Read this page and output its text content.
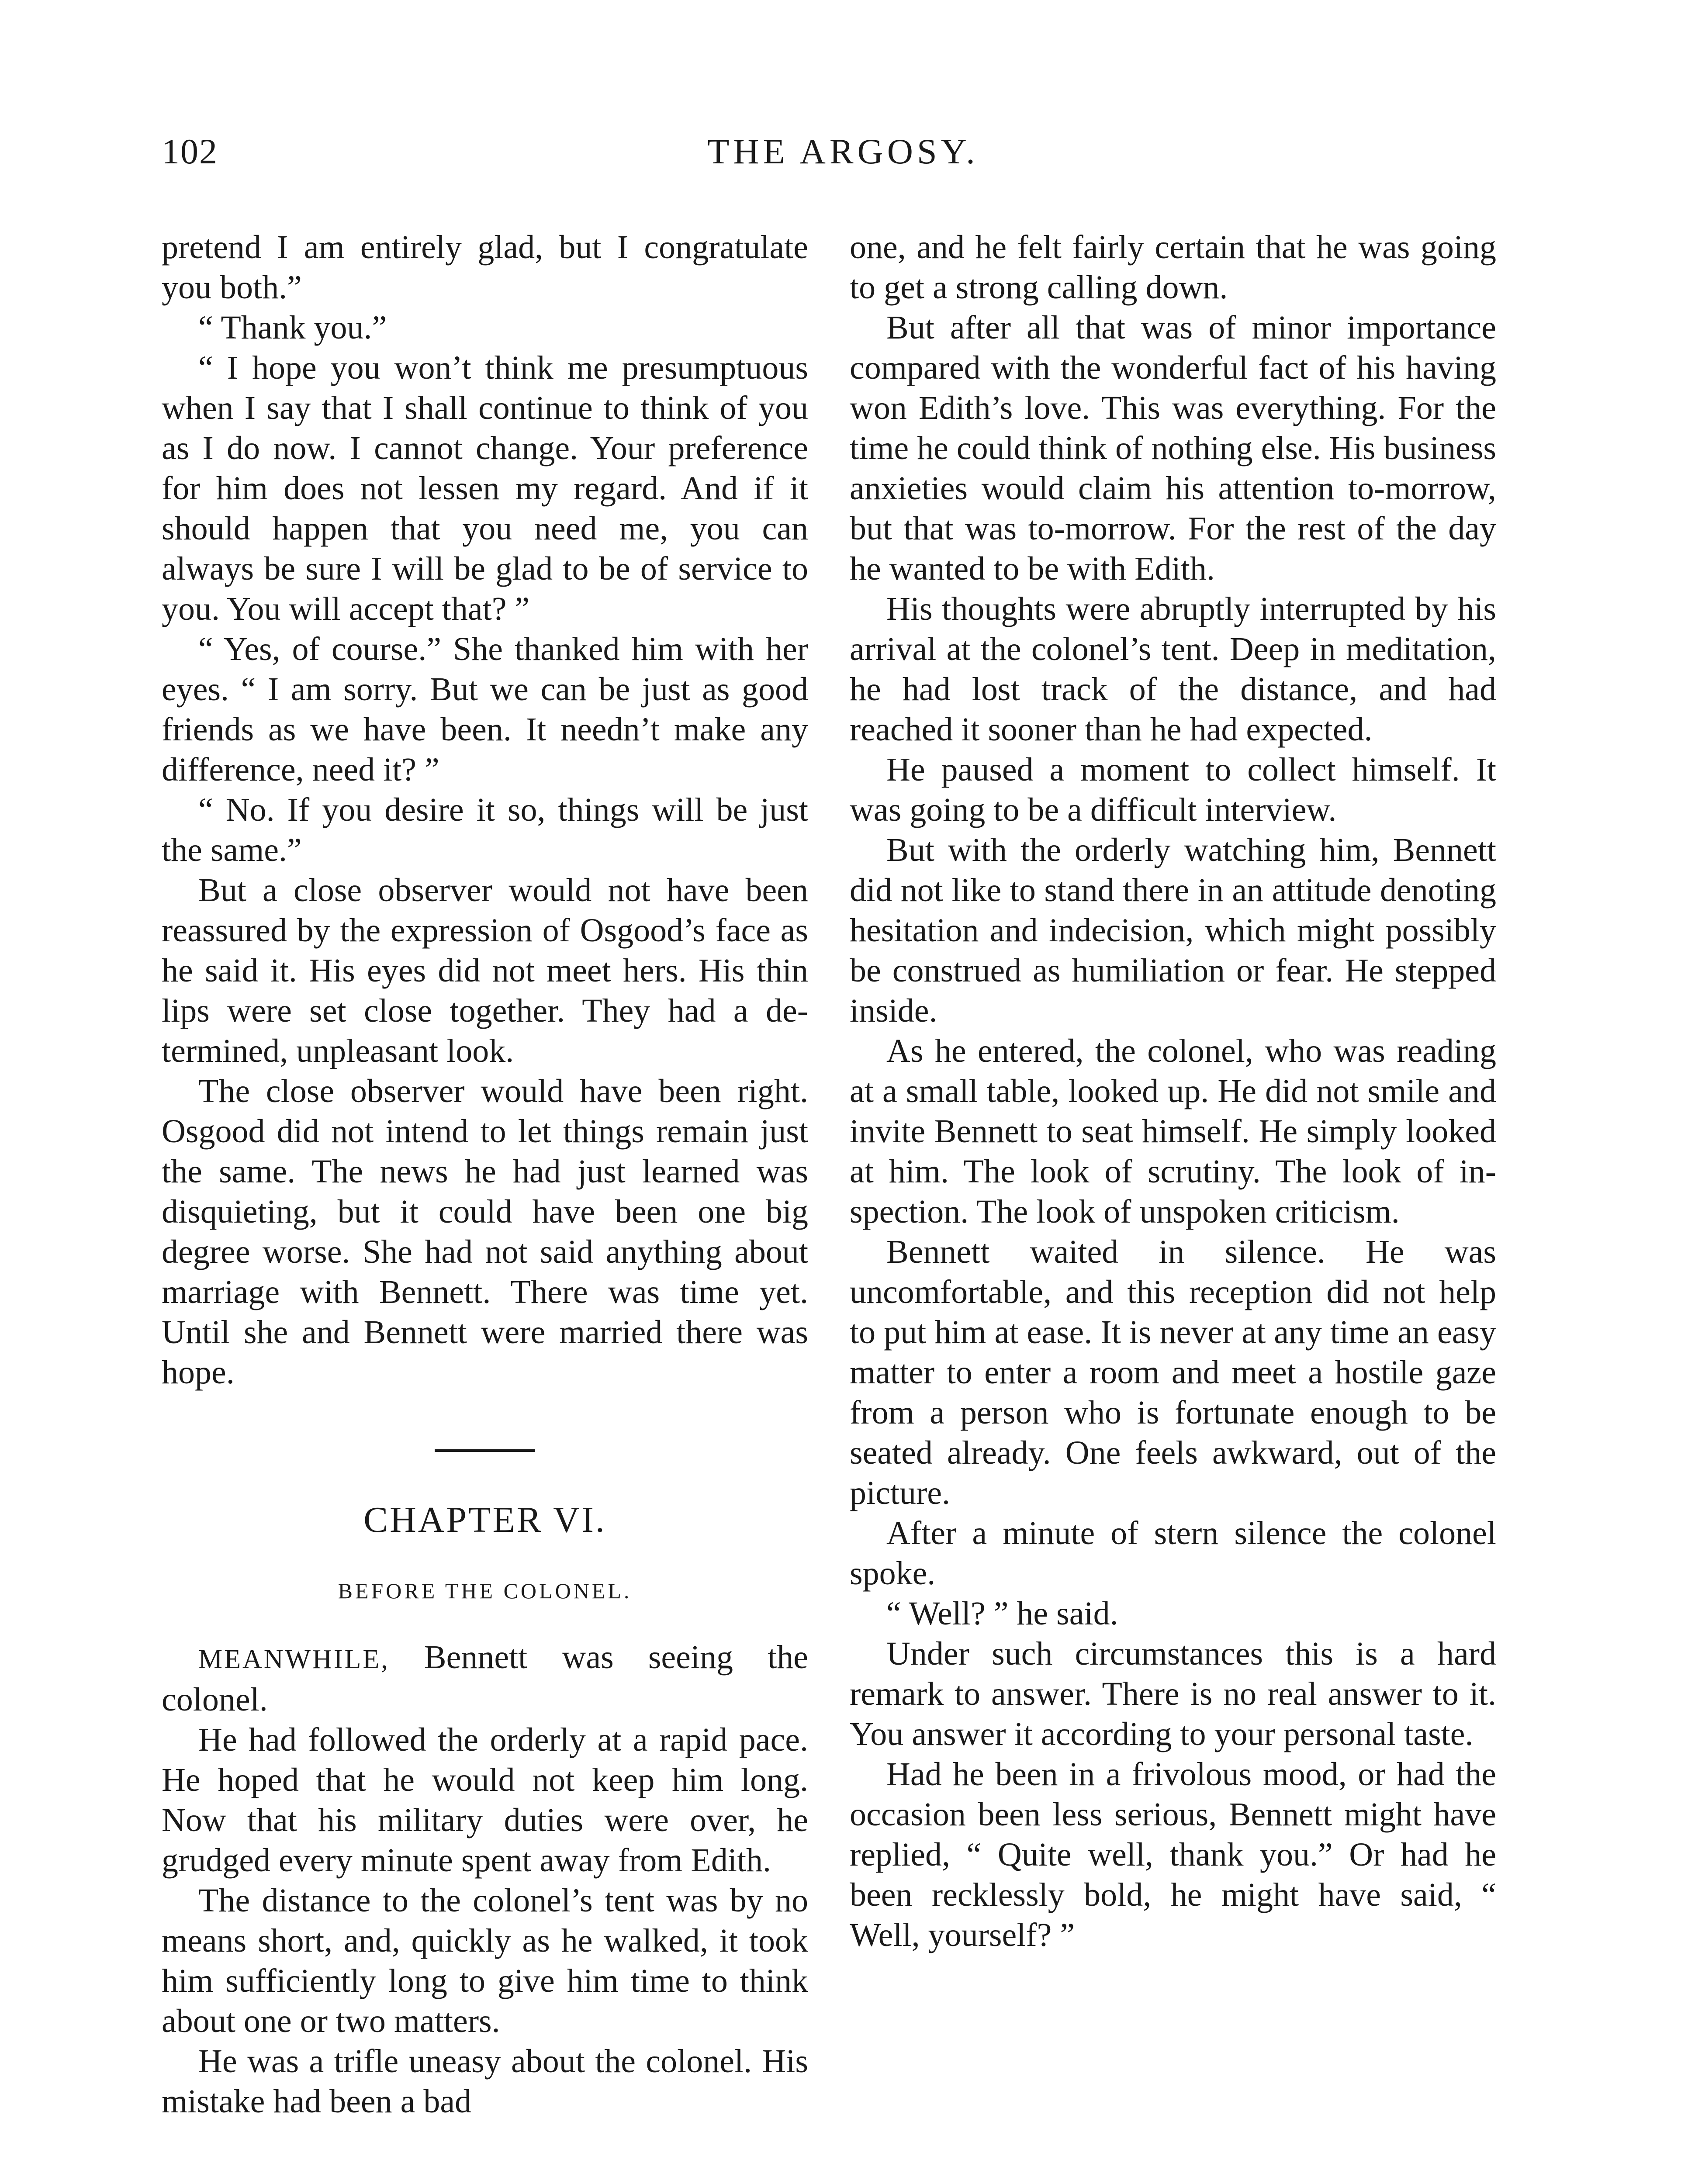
102	THE ARGOSY.

pretend I am entirely glad, but I congratulate you both.”

“ Thank you.”

“ I hope you won’t think me presumptuous when I say that I shall continue to think of you as I do now. I cannot change. Your preference for him does not lessen my regard. And if it should happen that you need me, you can always be sure I will be glad to be of service to you. You will accept that? ”

“ Yes, of course.” She thanked him with her eyes. “ I am sorry. But we can be just as good friends as we have been. It needn’t make any difference, need it? ”

“ No. If you desire it so, things will be just the same.”

But a close observer would not have been reassured by the expression of Osgood’s face as he said it. His eyes did not meet hers. His thin lips were set close together. They had a determined, unpleasant look.

The close observer would have been right. Osgood did not intend to let things remain just the same. The news he had just learned was disquieting, but it could have been one big degree worse. She had not said anything about marriage with Bennett. There was time yet. Until she and Bennett were married there was hope.

CHAPTER VI.
BEFORE THE COLONEL.

MEANWHILE, Bennett was seeing the colonel.

He had followed the orderly at a rapid pace. He hoped that he would not keep him long. Now that his military duties were over, he grudged every minute spent away from Edith.

The distance to the colonel’s tent was by no means short, and, quickly as he walked, it took him sufficiently long to give him time to think about one or two matters.

He was a trifle uneasy about the colonel. His mistake had been a bad

one, and he felt fairly certain that he was going to get a strong calling down.

But after all that was of minor importance compared with the wonderful fact of his having won Edith’s love. This was everything. For the time he could think of nothing else. His business anxieties would claim his attention to-morrow, but that was to-morrow. For the rest of the day he wanted to be with Edith.

His thoughts were abruptly interrupted by his arrival at the colonel’s tent. Deep in meditation, he had lost track of the distance, and had reached it sooner than he had expected.

He paused a moment to collect himself. It was going to be a difficult interview.

But with the orderly watching him, Bennett did not like to stand there in an attitude denoting hesitation and indecision, which might possibly be construed as humiliation or fear. He stepped inside.

As he entered, the colonel, who was reading at a small table, looked up. He did not smile and invite Bennett to seat himself. He simply looked at him. The look of scrutiny. The look of inspection. The look of unspoken criticism.

Bennett waited in silence. He was uncomfortable, and this reception did not help to put him at ease. It is never at any time an easy matter to enter a room and meet a hostile gaze from a person who is fortunate enough to be seated already. One feels awkward, out of the picture.

After a minute of stern silence the colonel spoke.

“ Well? ” he said.

Under such circumstances this is a hard remark to answer. There is no real answer to it. You answer it according to your personal taste.

Had he been in a frivolous mood, or had the occasion been less serious, Bennett might have replied, “ Quite well, thank you.” Or had he been recklessly bold, he might have said, “ Well, yourself? ”
